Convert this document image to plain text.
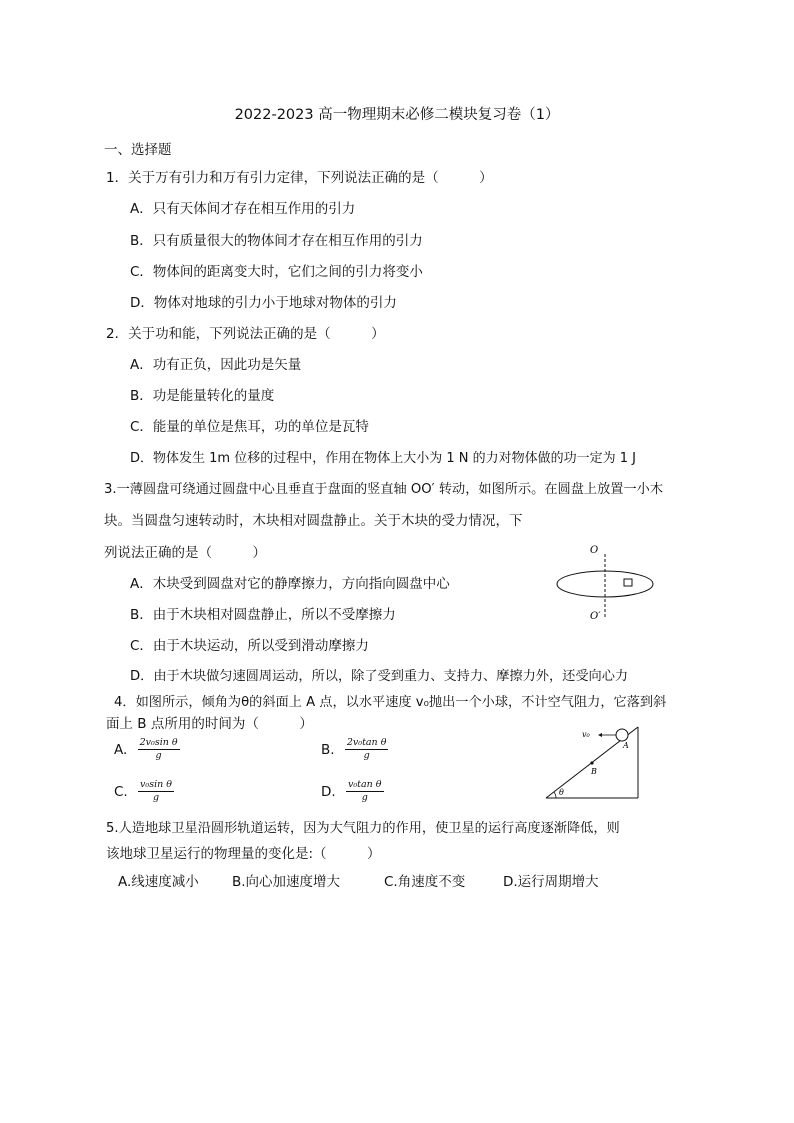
2022-2023 高一物理期末必修二模块复习卷（1）
一、选择题
1．关于万有引力和万有引力定律，下列说法正确的是（　　　）
A．只有天体间才存在相互作用的引力
B．只有质量很大的物体间才存在相互作用的引力
C．物体间的距离变大时，它们之间的引力将变小
D．物体对地球的引力小于地球对物体的引力
2．关于功和能，下列说法正确的是（　　　）
A．功有正负，因此功是矢量
B．功是能量转化的量度
C．能量的单位是焦耳，功的单位是瓦特
D．物体发生 1m 位移的过程中，作用在物体上大小为 1 N 的力对物体做的功一定为 1 J
3.一薄圆盘可绕通过圆盘中心且垂直于盘面的竖直轴 OO′ 转动，如图所示。在圆盘上放置一小木
块。当圆盘匀速转动时，木块相对圆盘静止。关于木块的受力情况，下
列说法正确的是（　　　）
A．木块受到圆盘对它的静摩擦力，方向指向圆盘中心
B．由于木块相对圆盘静止，所以不受摩擦力
C．由于木块运动，所以受到滑动摩擦力
D．由于木块做匀速圆周运动，所以，除了受到重力、支持力、摩擦力外，还受向心力
O
O′
4．如图所示，倾角为θ的斜面上 A 点，以水平速度 v₀抛出一个小球，不计空气阻力，它落到斜
面上 B 点所用的时间为（　　　）
A. $\frac{\text{2v₀sin θ}}{g}$	B. $\frac{\text{2v₀tan θ}}{g}$
C. $\frac{\text{v₀sin θ}}{g}$	D. $\frac{\text{v₀tan θ}}{g}$
v₀
A
B
θ
5.人造地球卫星沿圆形轨道运转，因为大气阻力的作用，使卫星的运行高度逐渐降低，则
该地球卫星运行的物理量的变化是:（　　　）
A.线速度减小 B.向心加速度增大	C.角速度不变	D.运行周期增大
